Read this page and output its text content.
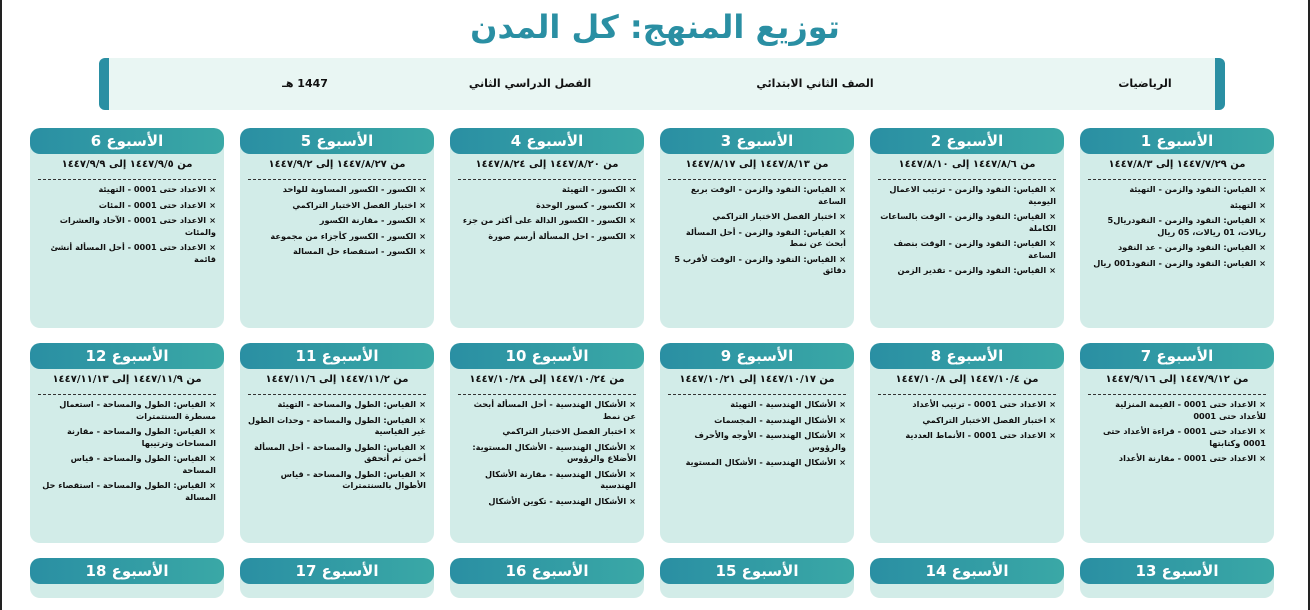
توزيع المنهج: كل المدن
الرياضيات
الصف الثاني الابتدائي
الفصل الدراسي الثاني
1447 هـ
الأسبوع 1
من ١٤٤٧/٧/٢٩ إلى ١٤٤٧/٨/٣
×القياس: النقود والزمن - التهيئة
×التهيئة
×القياس: النقود والزمن - النقودريال5 ريالات، 01 ريالات، 05 ريال
×القياس: النقود والزمن - عد النقود
×القياس: النقود والزمن - النقود001 ريال
الأسبوع 2
من ١٤٤٧/٨/٦ إلى ١٤٤٧/٨/١٠
×القياس: النقود والزمن - ترتيب الاعمال اليومية
×القياس: النقود والزمن - الوقت بالساعات الكاملة
×القياس: النقود والزمن - الوقت بنصف الساعة
×القياس: النقود والزمن - تقدير الزمن
الأسبوع 3
من ١٤٤٧/٨/١٣ إلى ١٤٤٧/٨/١٧
×القياس: النقود والزمن - الوقت بربع الساعة
×اختبار الفصل الاختبار التراكمي
×القياس: النقود والزمن - أحل المسألة أبحث عن نمط
×القياس: النقود والزمن - الوقت لأقرب 5 دقائق
الأسبوع 4
من ١٤٤٧/٨/٢٠ إلى ١٤٤٧/٨/٢٤
×الكسور - التهيئة
×الكسور - كسور الوحدة
×الكسور - الكسور الدالة على أكثر من جزء
×الكسور - احل المسألة أرسم صورة
الأسبوع 5
من ١٤٤٧/٨/٢٧ إلى ١٤٤٧/٩/٢
×الكسور - الكسور المساوية للواحد
×اختبار الفصل الاختبار التراكمي
×الكسور - مقارنة الكسور
×الكسور - الكسور كأجزاء من مجموعة
×الكسور - استقصاء حل المسالة
الأسبوع 6
من ١٤٤٧/٩/٥ إلى ١٤٤٧/٩/٩
×الاعداد حتى 0001 - التهيئة
×الاعداد حتى 0001 - المئات
×الاعداد حتى 0001 - الآحاد والعشرات والمئات
×الاعداد حتى 0001 - أحل المسألة أنشئ قائمة
الأسبوع 7
من ١٤٤٧/٩/١٢ إلى ١٤٤٧/٩/١٦
×الاعداد حتى 0001 - القيمة المنزلية للأعداد حتى 0001
×الاعداد حتى 0001 - قراءة الأعداد حتى 0001 وكتابتها
×الاعداد حتى 0001 - مقارنة الأعداد
الأسبوع 8
من ١٤٤٧/١٠/٤ إلى ١٤٤٧/١٠/٨
×الاعداد حتى 0001 - ترتيب الأعداد
×اختبار الفصل الاختبار التراكمي
×الاعداد حتى 0001 - الأنماط العددية
الأسبوع 9
من ١٤٤٧/١٠/١٧ إلى ١٤٤٧/١٠/٢١
×الأشكال الهندسية - التهيئة
×الأشكال الهندسية - المجسمات
×الأشكال الهندسية - الأوجه والأحرف والرؤوس
×الأشكال الهندسية - الأشكال المستوية
الأسبوع 10
من ١٤٤٧/١٠/٢٤ إلى ١٤٤٧/١٠/٢٨
×الأشكال الهندسية - أحل المسألة أبحث عن نمط
×اختبار الفصل الاختبار التراكمي
×الأشكال الهندسية - الأشكال المستوية: الأضلاع والرؤوس
×الأشكال الهندسية - مقارنة الأشكال الهندسية
×الأشكال الهندسية - تكوين الأشكال
الأسبوع 11
من ١٤٤٧/١١/٢ إلى ١٤٤٧/١١/٦
×القياس: الطول والمساحة - التهيئة
×القياس: الطول والمساحة - وحدات الطول غير القياسية
×القياس: الطول والمساحة - أحل المسألة أخمن ثم أتحقق
×القياس: الطول والمساحة - قياس الأطوال بالسنتمترات
الأسبوع 12
من ١٤٤٧/١١/٩ إلى ١٤٤٧/١١/١٣
×القياس: الطول والمساحة - استعمال مسطرة السنتمترات
×القياس: الطول والمساحة - مقارنة المساحات وترتيبها
×القياس: الطول والمساحة - قياس المساحة
×القياس: الطول والمساحة - استقصاء حل المسالة
الأسبوع 13
الأسبوع 14
الأسبوع 15
الأسبوع 16
الأسبوع 17
الأسبوع 18
